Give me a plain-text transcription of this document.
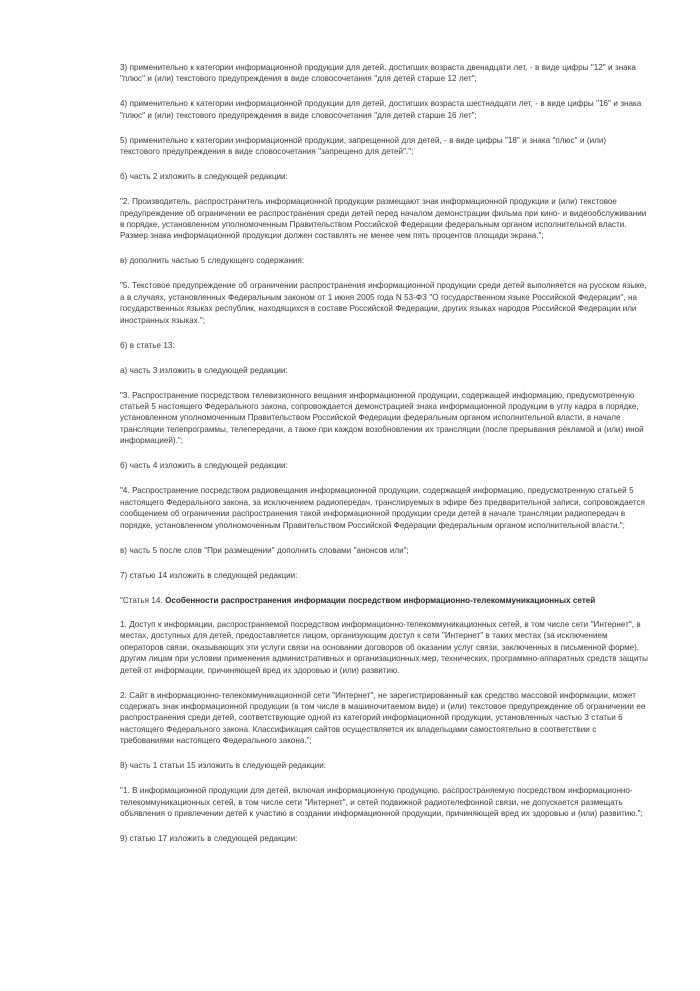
3) применительно к категории информационной продукции для детей, достигших возраста двенадцати лет, - в виде цифры "12" и знака "плюс" и (или) текстового предупреждения в виде словосочетания "для детей старше 12 лет";

4) применительно к категории информационной продукции для детей, достигших возраста шестнадцати лет, - в виде цифры "16" и знака "плюс" и (или) текстового предупреждения в виде словосочетания "для детей старше 16 лет";

5) применительно к категории информационной продукции, запрещенной для детей, - в виде цифры "18" и знака "плюс" и (или) текстового предупреждения в виде словосочетания "запрещено для детей".";

б) часть 2 изложить в следующей редакции:

"2. Производитель, распространитель информационной продукции размещают знак информационной продукции и (или) текстовое предупреждение об ограничении ее распространения среди детей перед началом демонстрации фильма при кино- и видеообслуживании в порядке, установленном уполномоченным Правительством Российской Федерации федеральным органом исполнительной власти. Размер знака информационной продукции должен составлять не менее чем пять процентов площади экрана.";

в) дополнить частью 5 следующего содержания:

"5. Текстовое предупреждение об ограничении распространения информационной продукции среди детей выполняется на русском языке, а в случаях, установленных Федеральным законом от 1 июня 2005 года N 53-ФЗ "О государственном языке Российской Федерации", на государственных языках республик, находящихся в составе Российской Федерации, других языках народов Российской Федерации или иностранных языках.";

б) в статье 13:

а) часть 3 изложить в следующей редакции:

"3. Распространение посредством телевизионного вещания информационной продукции, содержащей информацию, предусмотренную статьей 5 настоящего Федерального закона, сопровождается демонстрацией знака информационной продукции в углу кадра в порядке, установленном уполномоченным Правительством Российской Федерации федеральным органом исполнительной власти, в начале трансляции телепрограммы, телепередачи, а также при каждом возобновлении их трансляции (после прерывания рекламой и (или) иной информацией).";

б) часть 4 изложить в следующей редакции:

"4. Распространение посредством радиовещания информационной продукции, содержащей информацию, предусмотренную статьей 5 настоящего Федерального закона, за исключением радиопередач, транслируемых в эфире без предварительной записи, сопровождается сообщением об ограничении распространения такой информационной продукции среди детей в начале трансляции радиопередач в порядке, установленном уполномоченным Правительством Российской Федерации федеральным органом исполнительной власти.";

в) часть 5 после слов "При размещении" дополнить словами "анонсов или";

7) статью 14 изложить в следующей редакции:

"Статья 14. Особенности распространения информации посредством информационно-телекоммуникационных сетей

1. Доступ к информации, распространяемой посредством информационно-телекоммуникационных сетей, в том числе сети "Интернет", в местах, доступных для детей, предоставляется лицом, организующим доступ к сети "Интернет" в таких местах (за исключением операторов связи, оказывающих эти услуги связи на основании договоров об оказании услуг связи, заключенных в письменной форме), другим лицам при условии применения административных и организационных мер, технических, программно-аппаратных средств защиты детей от информации, причиняющей вред их здоровью и (или) развитию.

2. Сайт в информационно-телекоммуникационной сети "Интернет", не зарегистрированный как средство массовой информации, может содержать знак информационной продукции (в том числе в машиночитаемом виде) и (или) текстовое предупреждение об ограничении ее распространения среди детей, соответствующие одной из категорий информационной продукции, установленных частью 3 статьи 6 настоящего Федерального закона. Классификация сайтов осуществляется их владельцами самостоятельно в соответствии с требованиями настоящего Федерального закона.";

8) часть 1 статьи 15 изложить в следующей редакции:

"1. В информационной продукции для детей, включая информационную продукцию, распространяемую посредством информационно-телекоммуникационных сетей, в том числе сети "Интернет", и сетей подвижной радиотелефонной связи, не допускается размещать объявления о привлечении детей к участию в создании информационной продукции, причиняющей вред их здоровью и (или) развитию.";

9) статью 17 изложить в следующей редакции:
